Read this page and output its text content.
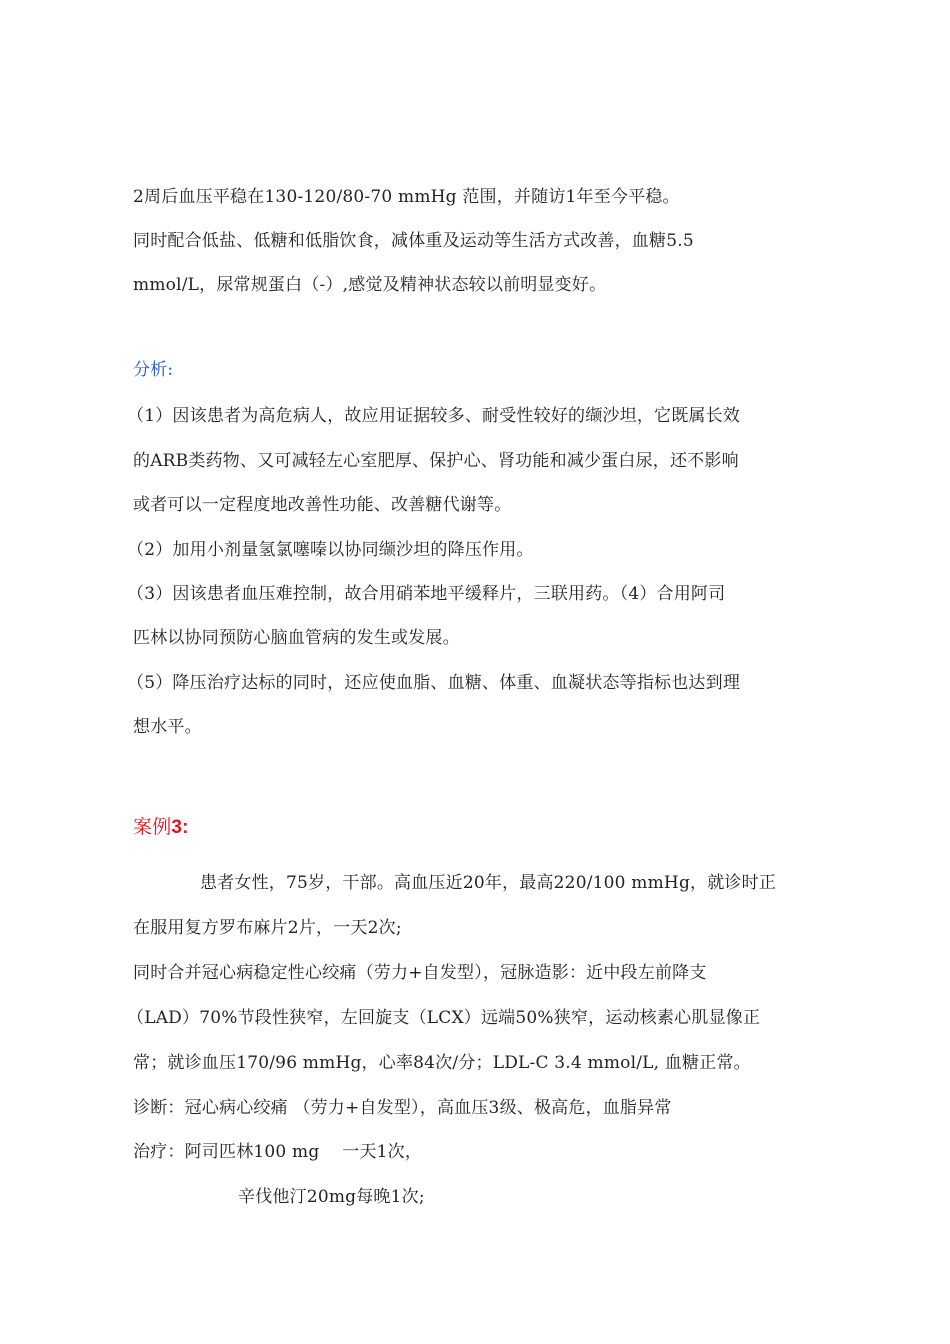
2周后血压平稳在130-120/80-70 mmHg 范围，并随访1年至今平稳。
同时配合低盐、低糖和低脂饮食，减体重及运动等生活方式改善，血糖5.5
mmol/L，尿常规蛋白（-）,感觉及精神状态较以前明显变好。
分析:
（1）因该患者为高危病人，故应用证据较多、耐受性较好的缬沙坦，它既属长效
的ARB类药物、又可减轻左心室肥厚、保护心、肾功能和减少蛋白尿，还不影响
或者可以一定程度地改善性功能、改善糖代谢等。
（2）加用小剂量氢氯噻嗪以协同缬沙坦的降压作用。
（3）因该患者血压难控制，故合用硝苯地平缓释片，三联用药。（4）合用阿司
匹林以协同预防心脑血管病的发生或发展。
（5）降压治疗达标的同时，还应使血脂、血糖、体重、血凝状态等指标也达到理
想水平。
案例3:
患者女性，75岁，干部。高血压近20年，最高220/100 mmHg，就诊时正
在服用复方罗布麻片2片，一天2次;
同时合并冠心病稳定性心绞痛（劳力+自发型），冠脉造影：近中段左前降支
（LAD）70%节段性狭窄，左回旋支（LCX）远端50%狭窄，运动核素心肌显像正
常；就诊血压170/96 mmHg，心率84次/分；LDL-C 3.4 mmol/L, 血糖正常。
诊断：冠心病心绞痛 （劳力+自发型），高血压3级、极高危，血脂异常
治疗：阿司匹林100 mg　 一天1次，
辛伐他汀20mg每晚1次;
